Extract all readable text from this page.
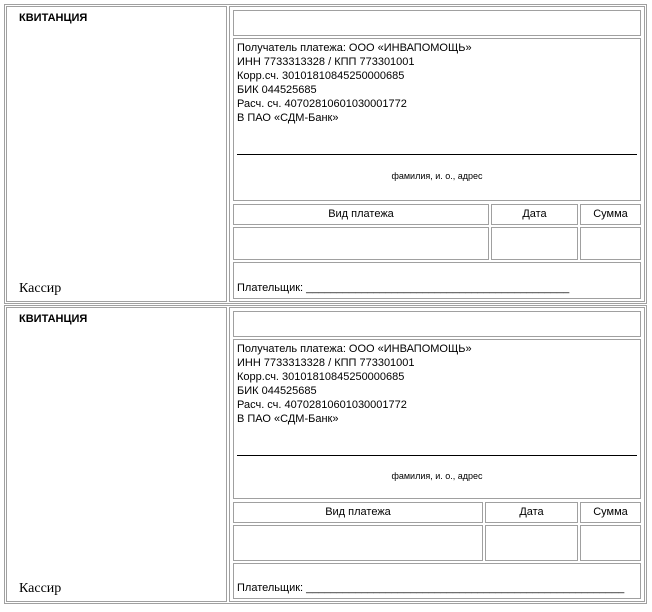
КВИТАНЦИЯ
Кассир
Получатель платежа: ООО «ИНВАПОМОЩЬ»
ИНН 7733313328 / КПП 773301001
Корр.сч. 30101810845250000685
БИК 044525685
Расч. сч. 40702810601030001772
В ПАО «СДМ-Банк»
фамилия, и. о., адрес
Вид платежа	Дата	Сумма
Плательщик: ___________________________________________
КВИТАНЦИЯ
Кассир
Получатель платежа: ООО «ИНВАПОМОЩЬ»
ИНН 7733313328 / КПП 773301001
Корр.сч. 30101810845250000685
БИК 044525685
Расч. сч. 40702810601030001772
В ПАО «СДМ-Банк»
фамилия, и. о., адрес
Вид платежа	Дата	Сумма
Плательщик: ____________________________________________________
